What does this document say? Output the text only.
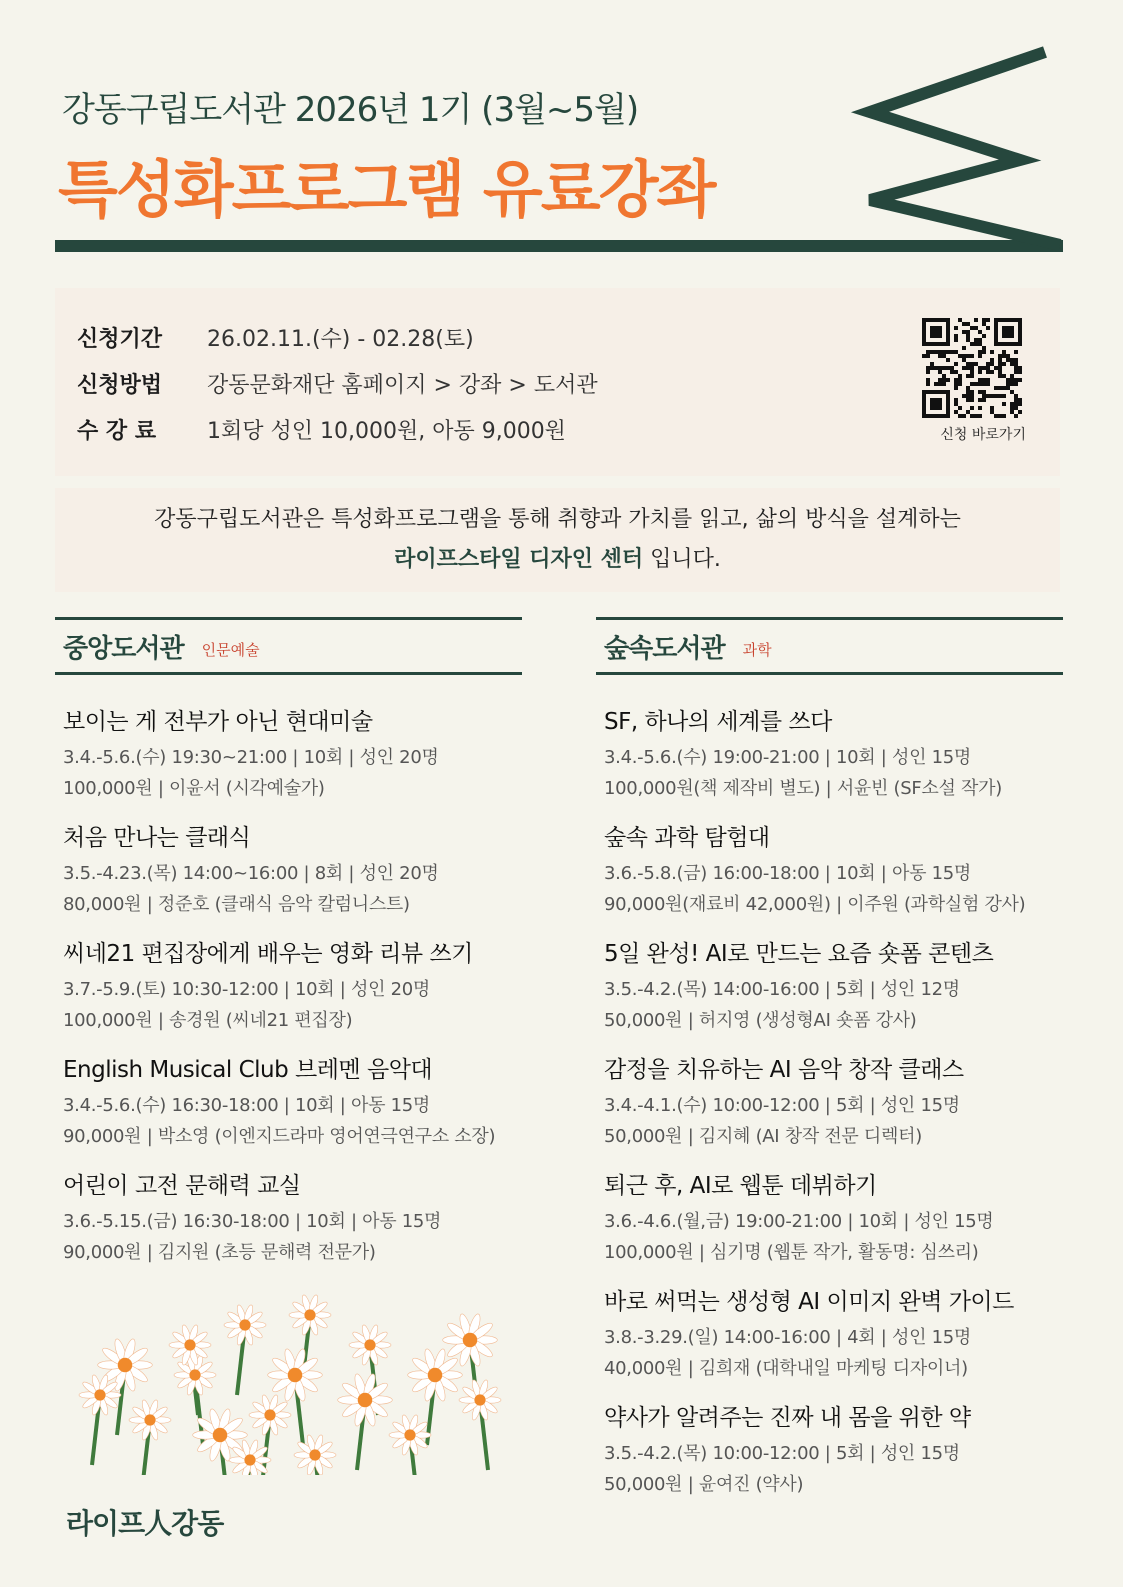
강동구립도서관 2026년 1기 (3월~5월)
특성화프로그램 유료강좌
신청기간	26.02.11.(수) - 02.28(토)
신청방법	강동문화재단 홈페이지 > 강좌 > 도서관
수 강 료	1회당 성인 10,000원, 아동 9,000원	신청 바로가기
강동구립도서관은 특성화프로그램을 통해 취향과 가치를 읽고, 삶의 방식을 설계하는
라이프스타일 디자인 센터 입니다.
중앙도서관 인문예술
보이는 게 전부가 아닌 현대미술
3.4.-5.6.(수) 19:30~21:00 | 10회 | 성인 20명
100,000원 | 이윤서 (시각예술가)
처음 만나는 클래식
3.5.-4.23.(목) 14:00~16:00 | 8회 | 성인 20명
80,000원 | 정준호 (클래식 음악 칼럼니스트)
씨네21 편집장에게 배우는 영화 리뷰 쓰기
3.7.-5.9.(토) 10:30-12:00 | 10회 | 성인 20명
100,000원 | 송경원 (씨네21 편집장)
English Musical Club 브레멘 음악대
3.4.-5.6.(수) 16:30-18:00 | 10회 | 아동 15명
90,000원 | 박소영 (이엔지드라마 영어연극연구소 소장)
어린이 고전 문해력 교실
3.6.-5.15.(금) 16:30-18:00 | 10회 | 아동 15명
90,000원 | 김지원 (초등 문해력 전문가)
숲속도서관 과학
SF, 하나의 세계를 쓰다
3.4.-5.6.(수) 19:00-21:00 | 10회 | 성인 15명
100,000원(책 제작비 별도) | 서윤빈 (SF소설 작가)
숲속 과학 탐험대
3.6.-5.8.(금) 16:00-18:00 | 10회 | 아동 15명
90,000원(재료비 42,000원) | 이주원 (과학실험 강사)
5일 완성! AI로 만드는 요즘 숏폼 콘텐츠
3.5.-4.2.(목) 14:00-16:00 | 5회 | 성인 12명
50,000원 | 허지영 (생성형AI 숏폼 강사)
감정을 치유하는 AI 음악 창작 클래스
3.4.-4.1.(수) 10:00-12:00 | 5회 | 성인 15명
50,000원 | 김지혜 (AI 창작 전문 디렉터)
퇴근 후, AI로 웹툰 데뷔하기
3.6.-4.6.(월,금) 19:00-21:00 | 10회 | 성인 15명
100,000원 | 심기명 (웹툰 작가, 활동명: 심쓰리)
바로 써먹는 생성형 AI 이미지 완벽 가이드
3.8.-3.29.(일) 14:00-16:00 | 4회 | 성인 15명
40,000원 | 김희재 (대학내일 마케팅 디자이너)
약사가 알려주는 진짜 내 몸을 위한 약
3.5.-4.2.(목) 10:00-12:00 | 5회 | 성인 15명
50,000원 | 윤여진 (약사)
라이프人강동
